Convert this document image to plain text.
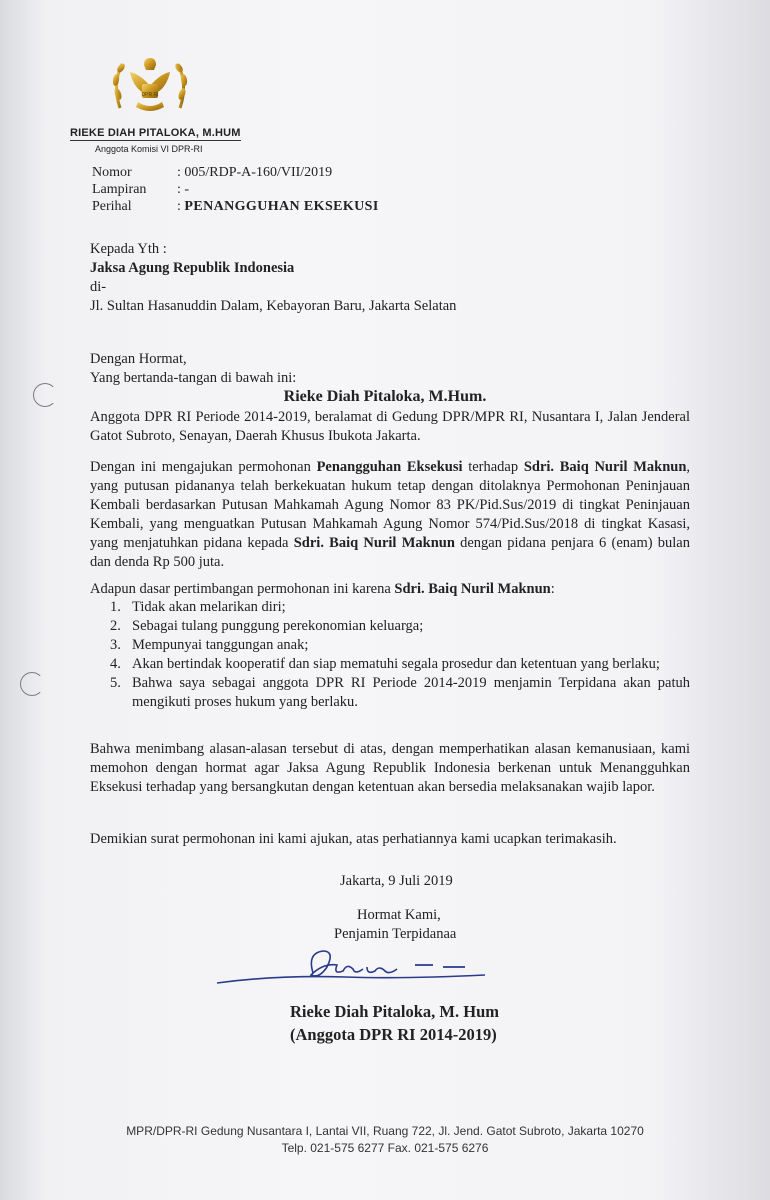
DPR RI
RIEKE DIAH PITALOKA, M.HUM
Anggota Komisi VI DPR-RI
Nomor	: 005/RDP-A-160/VII/2019
Lampiran	: -
Perihal	: PENANGGUHAN EKSEKUSI
Kepada Yth :
Jaksa Agung Republik Indonesia
di-
Jl. Sultan Hasanuddin Dalam, Kebayoran Baru, Jakarta Selatan
Dengan Hormat,
Yang bertanda-tangan di bawah ini:
Rieke Diah Pitaloka, M.Hum.
Anggota DPR RI Periode 2014-2019, beralamat di Gedung DPR/MPR RI, Nusantara I, Jalan Jenderal Gatot Subroto, Senayan, Daerah Khusus Ibukota Jakarta.
Dengan ini mengajukan permohonan Penangguhan Eksekusi terhadap Sdri. Baiq Nuril Maknun, yang putusan pidananya telah berkekuatan hukum tetap dengan ditolaknya Permohonan Peninjauan Kembali berdasarkan Putusan Mahkamah Agung Nomor 83 PK/Pid.Sus/2019 di tingkat Peninjauan Kembali, yang menguatkan Putusan Mahkamah Agung Nomor 574/Pid.Sus/2018 di tingkat Kasasi, yang menjatuhkan pidana kepada Sdri. Baiq Nuril Maknun dengan pidana penjara 6 (enam) bulan dan denda Rp 500 juta.
Adapun dasar pertimbangan permohonan ini karena Sdri. Baiq Nuril Maknun:
1. Tidak akan melarikan diri;
2. Sebagai tulang punggung perekonomian keluarga;
3. Mempunyai tanggungan anak;
4. Akan bertindak kooperatif dan siap mematuhi segala prosedur dan ketentuan yang berlaku;
5. Bahwa saya sebagai anggota DPR RI Periode 2014-2019 menjamin Terpidana akan patuh mengikuti proses hukum yang berlaku.
Bahwa menimbang alasan-alasan tersebut di atas, dengan memperhatikan alasan kemanusiaan, kami memohon dengan hormat agar Jaksa Agung Republik Indonesia berkenan untuk Menangguhkan Eksekusi terhadap yang bersangkutan dengan ketentuan akan bersedia melaksanakan wajib lapor.
Demikian surat permohonan ini kami ajukan, atas perhatiannya kami ucapkan terimakasih.
Jakarta, 9 Juli 2019
Hormat Kami,
Penjamin Terpidanaa
Rieke Diah Pitaloka, M. Hum
(Anggota DPR RI 2014-2019)
MPR/DPR-RI Gedung Nusantara I, Lantai VII, Ruang 722, Jl. Jend. Gatot Subroto, Jakarta 10270
Telp. 021-575 6277 Fax. 021-575 6276
